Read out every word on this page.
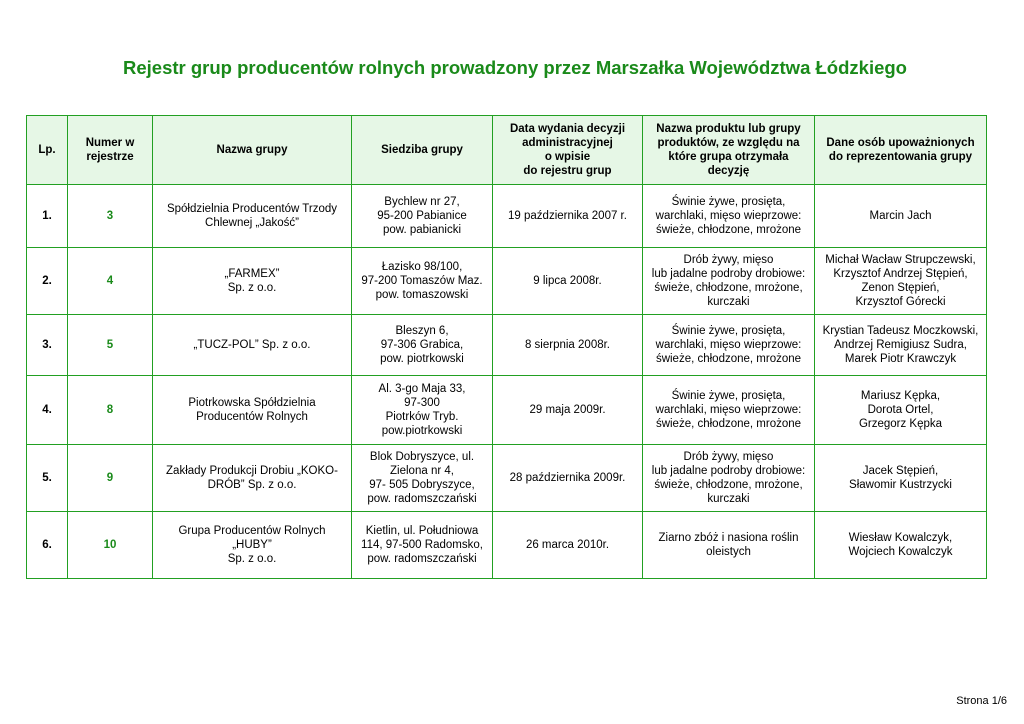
Rejestr grup producentów rolnych prowadzony przez Marszałka Województwa Łódzkiego
Lp.	Numer w
rejestrze	Nazwa grupy	Siedziba grupy	Data wydania decyzji
administracyjnej
o wpisie
do rejestru grup	Nazwa produktu lub grupy
produktów, ze względu na
które grupa otrzymała
decyzję	Dane osób upoważnionych
do reprezentowania grupy
1.	3	Spółdzielnia Producentów Trzody
Chlewnej „Jakość”	Bychlew nr 27,
95-200 Pabianice
pow. pabianicki	19 października 2007 r.	Świnie żywe, prosięta,
warchlaki, mięso wieprzowe:
świeże, chłodzone, mrożone	Marcin Jach
2.	4	„FARMEX”
Sp. z o.o.	Łazisko 98/100,
97-200 Tomaszów Maz.
pow. tomaszowski	9 lipca 2008r.	Drób żywy, mięso
lub jadalne podroby drobiowe:
świeże, chłodzone, mrożone,
kurczaki	Michał Wacław Strupczewski,
Krzysztof Andrzej Stępień,
Zenon Stępień,
Krzysztof Górecki
3.	5	„TUCZ-POL” Sp. z o.o.	Bleszyn 6,
97-306 Grabica,
pow. piotrkowski	8 sierpnia 2008r.	Świnie żywe, prosięta,
warchlaki, mięso wieprzowe:
świeże, chłodzone, mrożone	Krystian Tadeusz Moczkowski,
Andrzej Remigiusz Sudra,
Marek Piotr Krawczyk
4.	8	Piotrkowska Spółdzielnia
Producentów Rolnych	Al. 3-go Maja 33,
97-300
Piotrków Tryb.
pow.piotrkowski	29 maja 2009r.	Świnie żywe, prosięta,
warchlaki, mięso wieprzowe:
świeże, chłodzone, mrożone	Mariusz Kępka,
Dorota Ortel,
Grzegorz Kępka
5.	9	Zakłady Produkcji Drobiu „KOKO-
DRÓB” Sp. z o.o.	Blok Dobryszyce, ul.
Zielona nr 4,
97- 505 Dobryszyce,
pow. radomszczański	28 października 2009r.	Drób żywy, mięso
lub jadalne podroby drobiowe:
świeże, chłodzone, mrożone,
kurczaki	Jacek Stępień,
Sławomir Kustrzycki
6.	10	Grupa Producentów Rolnych
„HUBY”
Sp. z o.o.	Kietlin, ul. Południowa
114, 97-500 Radomsko,
pow. radomszczański	26 marca 2010r.	Ziarno zbóż i nasiona roślin
oleistych	Wiesław Kowalczyk,
Wojciech Kowalczyk
Strona 1/6
